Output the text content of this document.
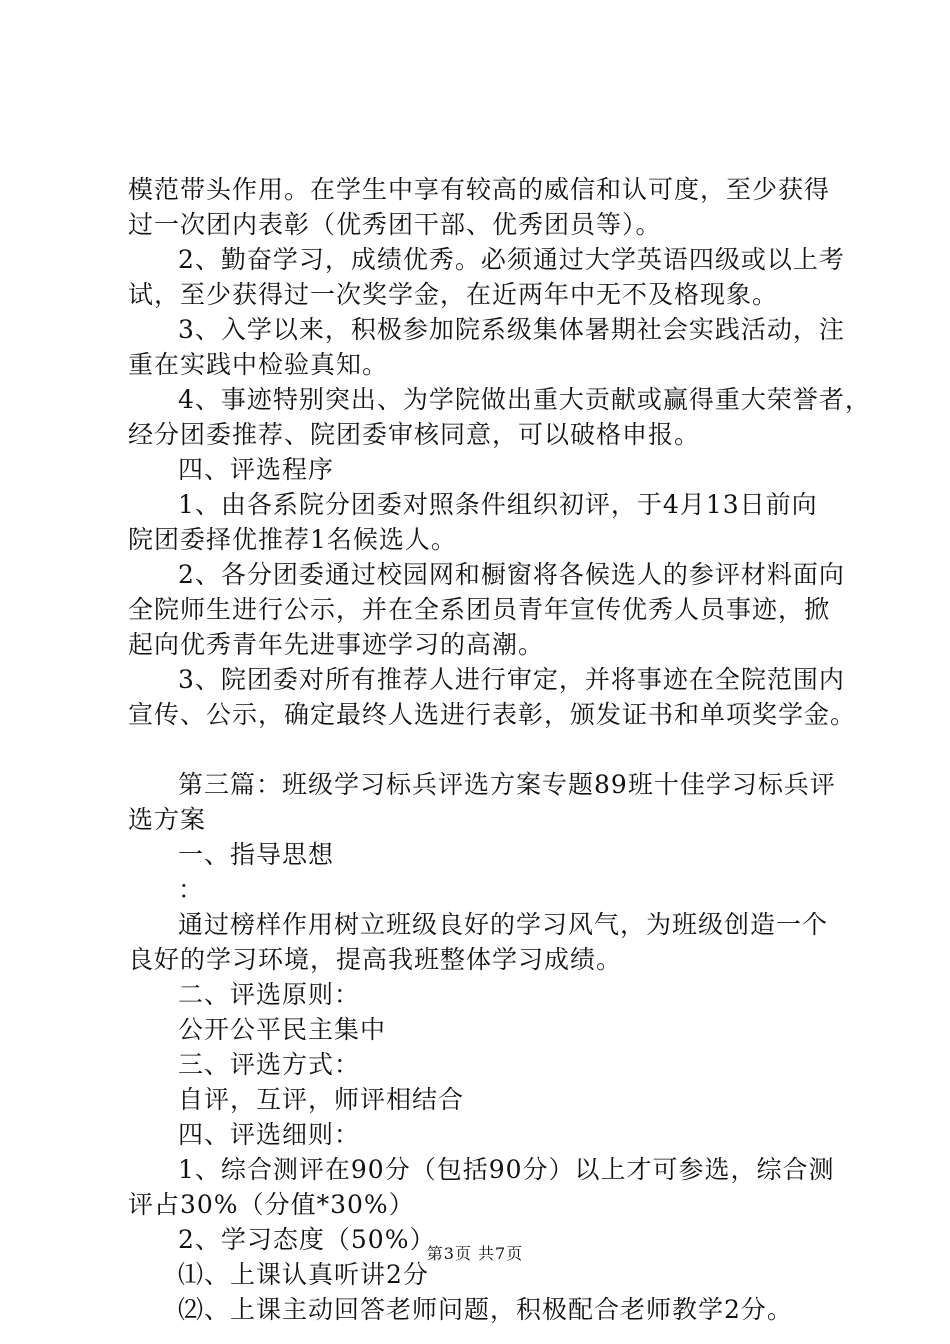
模范带头作用。在学生中享有较高的威信和认可度，至少获得
过一次团内表彰（优秀团干部、优秀团员等）。
2、勤奋学习，成绩优秀。必须通过大学英语四级或以上考
试，至少获得过一次奖学金，在近两年中无不及格现象。
3、入学以来，积极参加院系级集体暑期社会实践活动，注
重在实践中检验真知。
4、事迹特别突出、为学院做出重大贡献或赢得重大荣誉者，
经分团委推荐、院团委审核同意，可以破格申报。
四、评选程序
1、由各系院分团委对照条件组织初评，于4月13日前向
院团委择优推荐1名候选人。
2、各分团委通过校园网和橱窗将各候选人的参评材料面向
全院师生进行公示，并在全系团员青年宣传优秀人员事迹，掀
起向优秀青年先进事迹学习的高潮。
3、院团委对所有推荐人进行审定，并将事迹在全院范围内
宣传、公示，确定最终人选进行表彰，颁发证书和单项奖学金。
第三篇：班级学习标兵评选方案专题89班十佳学习标兵评
选方案
一、指导思想
：
通过榜样作用树立班级良好的学习风气，为班级创造一个
良好的学习环境，提高我班整体学习成绩。
二、评选原则：
公开公平民主集中
三、评选方式：
自评，互评，师评相结合
四、评选细则：
1、综合测评在90分（包括90分）以上才可参选，综合测
评占30%（分值*30%）
2、学习态度（50%）
⑴、上课认真听讲2分
⑵、上课主动回答老师问题，积极配合老师教学2分。
第3页 共7页
